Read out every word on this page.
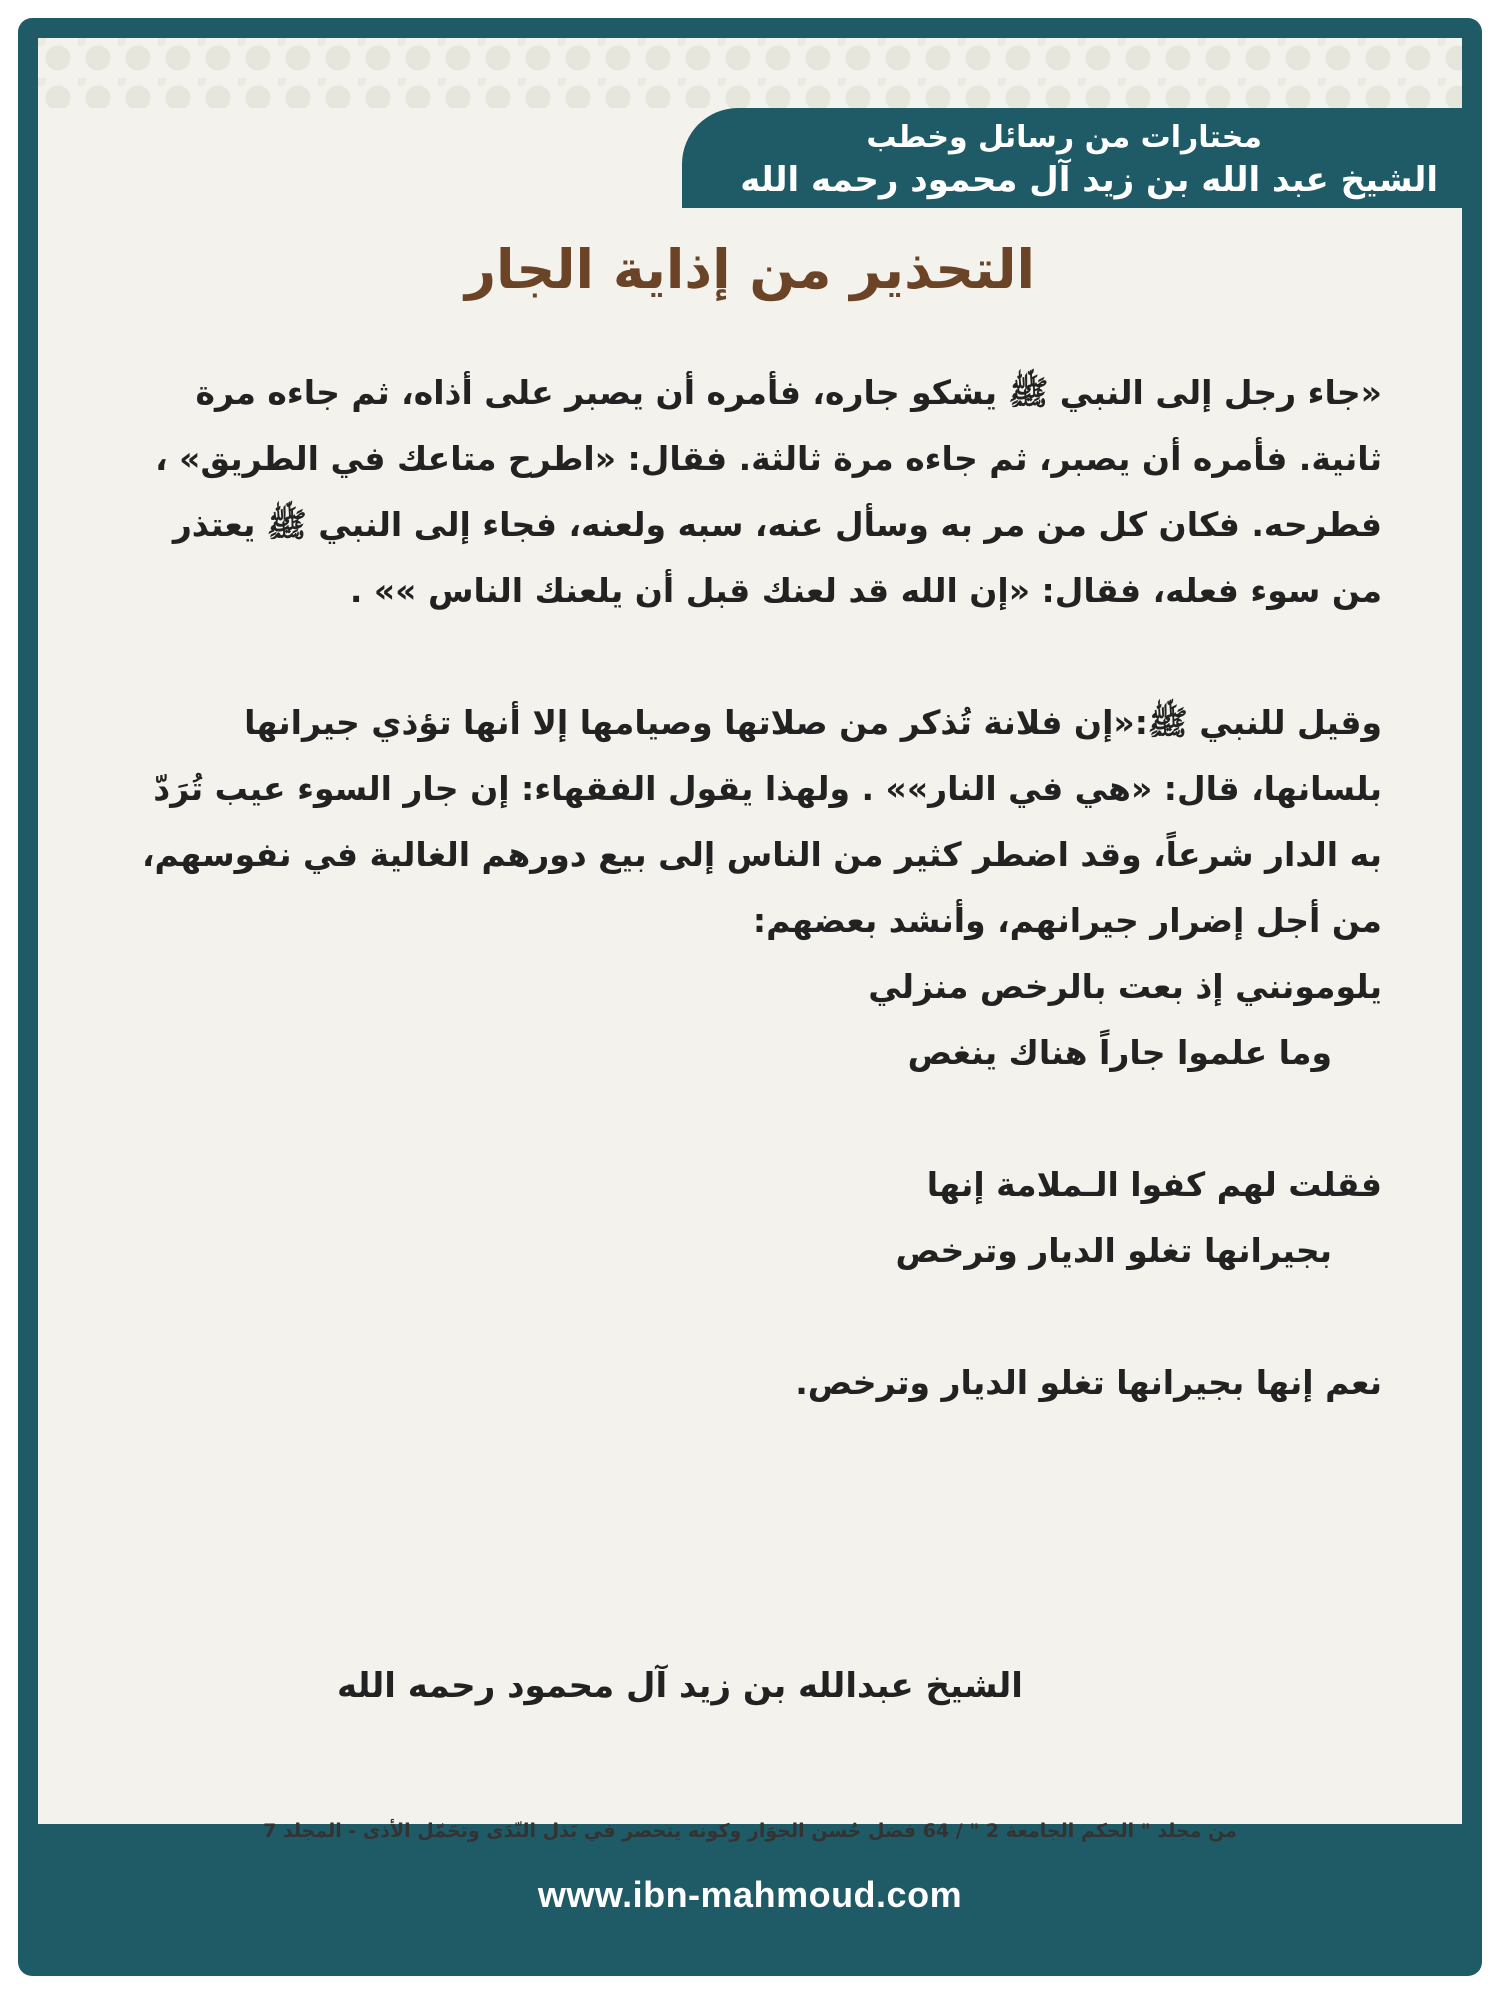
مختارات من رسائل وخطب
الشيخ عبد الله بن زيد آل محمود رحمه الله
التحذير من إذاية الجار

«جاء رجل إلى النبي ﷺ يشكو جاره، فأمره أن يصبر على أذاه، ثم جاءه مرة ثانية. فأمره أن يصبر، ثم جاءه مرة ثالثة. فقال: «اطرح متاعك في الطريق» ، فطرحه. فكان كل من مر به وسأل عنه، سبه ولعنه، فجاء إلى النبي ﷺ يعتذر من سوء فعله، فقال: «إن الله قد لعنك قبل أن يلعنك الناس »» .

وقيل للنبي ﷺ:«إن فلانة تُذكر من صلاتها وصيامها إلا أنها تؤذي جيرانها بلسانها، قال: «هي في النار»» . ولهذا يقول الفقهاء: إن جار السوء عيب تُرَدّ به الدار شرعاً، وقد اضطر كثير من الناس إلى بيع دورهم الغالية في نفوسهم، من أجل إضرار جيرانهم، وأنشد بعضهم:

يلومونني إذ بعت بالرخص منزلي

وما علموا جاراً هناك ينغص

فقلت لهم كفوا الـملامة إنها

بجيرانها تغلو الديار وترخص

نعم إنها بجيرانها تغلو الديار وترخص.

الشيخ عبدالله بن زيد آل محمود رحمه الله
من مجلد " الحكم الجامعة 2 " / 64 فضل حُسن الجوَار وكونه ينحصر في بَذل النّدَى وتحَمّل الأذى - المجلد 7
www.ibn-mahmoud.com
